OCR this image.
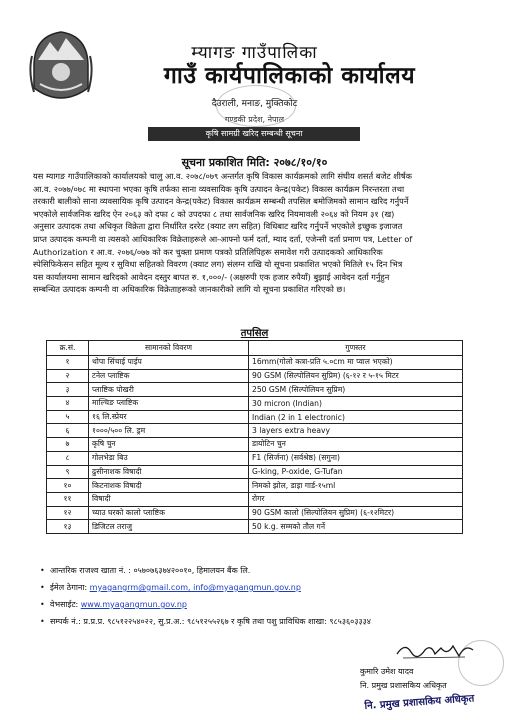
म्यागङ गाउँपालिका
गाउँ कार्यपालिकाको कार्यालय
दैउराली, मनाङ, मुक्तिकोट
गण्डकी प्रदेश, नेपाल
कृषि सामग्री खरिद सम्बन्धी सूचना
सूचना प्रकाशित मिति: २०७८/१०/१०
यस म्यागङ गाउँपालिकाको कार्यालयको चालु आ.व. २०७८/०७९ अन्तर्गत कृषि विकास कार्यक्रमको लागि संघीय शसर्त बजेट शीर्षक
आ.व. २०७७/०७८ मा स्थापना भएका कृषि तर्फका साना व्यवसायिक कृषि उत्पादन केन्द्र(पकेट) विकास कार्यक्रम निरन्तरता तथा
तरकारी बालीको साना व्यवसायिक कृषि उत्पादन केन्द्र(पकेट) विकास कार्यक्रम सम्बन्धी तपसिल बमोजिमको सामान खरिद गर्नुपर्ने
भएकोले सार्वजनिक खरिद ऐन २०६३ को दफा ८ को उपदफा ८ तथा सार्वजनिक खरिद नियमावली २०६४ को नियम ३१ (ख)
अनुसार उत्पादक तथा अधिकृत विक्रेता द्वारा निर्धारित दररेट (क्याट लग सहित) विधिबाट खरिद गर्नुपर्ने भएकोले इच्छुक इजाजत
प्राप्त उत्पादक कम्पनी वा त्यसको आधिकारिक विक्रेताहरूले आ-आफ्नो फर्म दर्ता, म्याद दर्ता, एजेन्सी दर्ता प्रमाण पत्र, Letter of
Authorization र आ.व. २०७६/०७७ को कर चुक्ता प्रमाण पत्रको प्रतिलिपिहरू समावेश गरी उत्पादकको आधिकारिक
स्पेसिफिकेसन सहित मूल्य र सुविधा सहितको विवरण (क्याट लग) संलग्न राखि यो सूचना प्रकाशित भएको मितिले १५ दिन भित्र
यस कार्यालयमा सामान खरिदको आवेदन दस्तुर बापत रु. १,०००/- (अक्षरुपी एक हजार रुपैयाँ) बुझाई आवेदन दर्ता गर्नुहुन
सम्बन्धित उत्पादक कम्पनी वा अधिकारिक विक्रेताहरूको जानकारीको लागि यो सूचना प्रकाशित गरिएको छ।
तपसिल
क्र.सं.	सामानको विवरण	गुणस्तर
१	थोपा सिंचाई पाईप	16mm(गोलो कत्रा-प्रति ५.०cm मा प्वाल भएको)
२	टनेल प्लाष्टिक	90 GSM (सिल्पोलियन सुप्रिम) (६-१२ र ५-१५ मिटर
३	प्लाष्टिक पोखरी	250 GSM (सिल्पोलियन सुप्रिम)
४	माल्चिङ प्लाष्टिक	30 micron (Indian)
५	१६ लि.स्प्रेयर	Indian (2 in 1 electronic)
६	१०००/५०० लि. ड्रम	3 layers extra heavy
७	कृषि चुन	डायोटिन चुन
८	गोलभेडा बिउ	F1 (सिर्जना) (सर्वश्रेष्ठ) (सगुना)
९	ढुसीनाशक विषादी	G-king, P-oxide, G-Tufan
१०	किटनाशक विषादी	निमको झोल, डाइा गार्ड-१५ml
११	विषादी	रोगर
१२	च्याउ घरको कालो प्लाष्टिक	90 GSM कालो (सिल्पोलियन सुप्रिम) (६-१२मिटर)
१३	डिजिटल तराजु	50 k.g. सम्मको तौल गर्ने
• आन्तरिक राजश्व खाता नं. : ०५७०७६३७४२००१०, हिमालयन बैंक लि.
• ईमेल ठेगाना: myagangrm@gmail.com, info@myagangmun.gov.np
• वेभसाईट: www.myagangmun.gov.np
• सम्पर्क नं.: प्र.प्र.प्र. ९८५१२२५४०२२, सु.प्र.अ.: ९८५१२५५२६७ र कृषि तथा पशु प्राविधिक शाखा: ९८५३६०३३३४
कुमारि उमेश यादव
नि. प्रमुख प्रशासकिय अधिकृत
नि. प्रमुख प्रशासकिय अधिकृत
